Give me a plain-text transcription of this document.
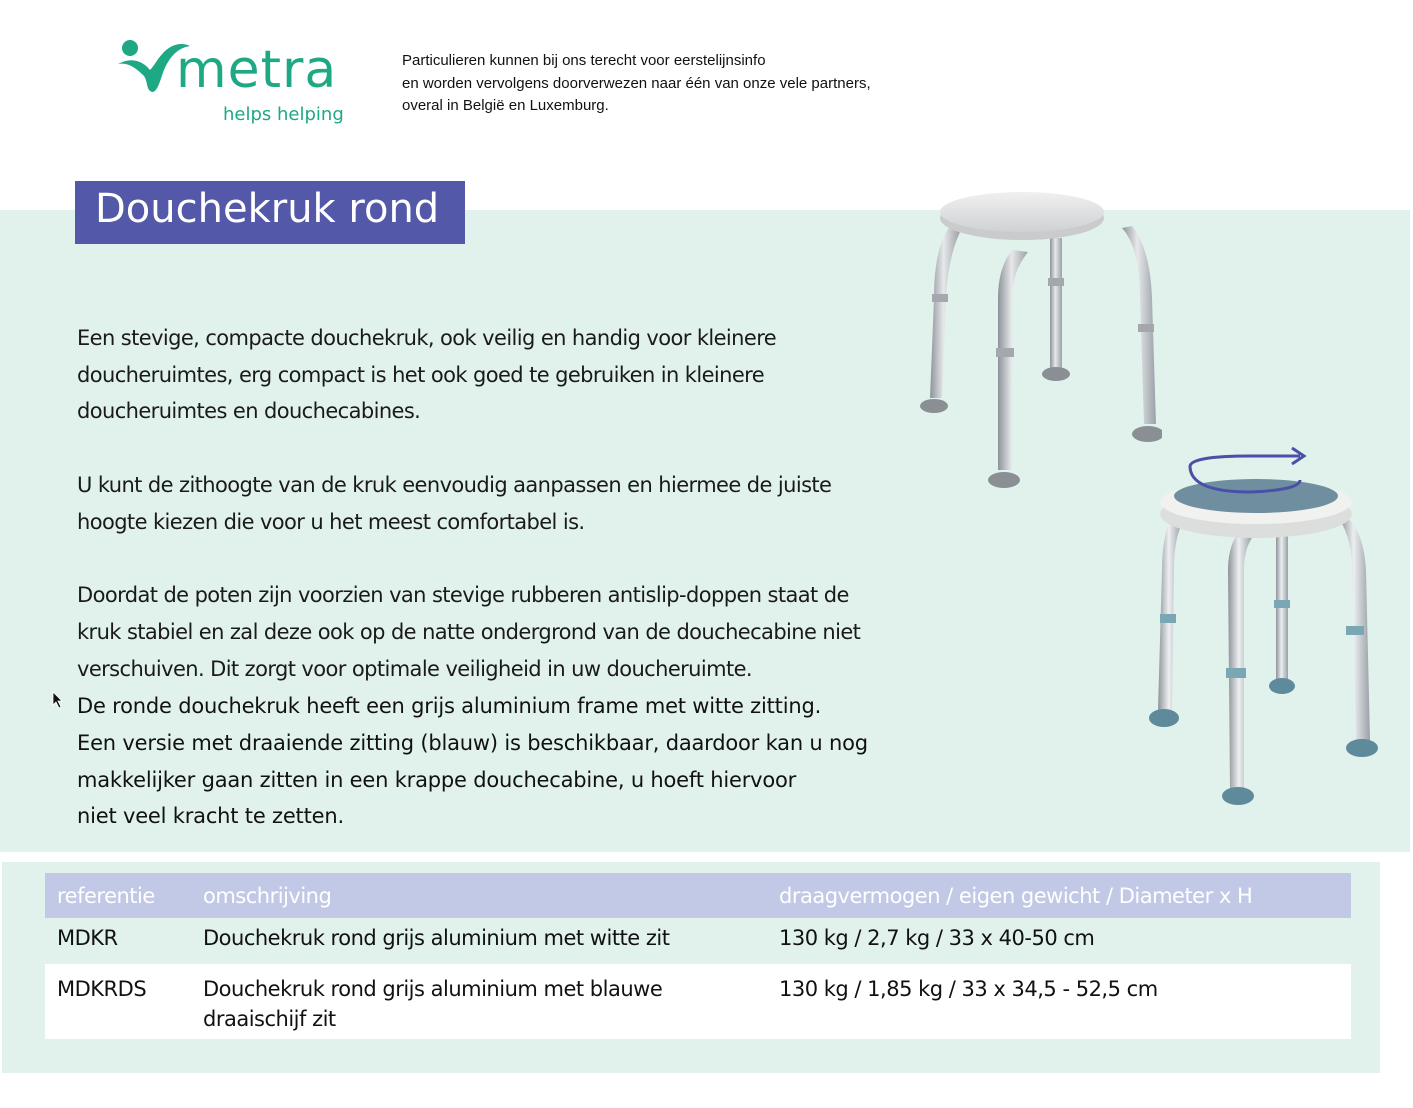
metra
helps helping
Particulieren kunnen bij ons terecht voor eerstelijnsinfo
en worden vervolgens doorverwezen naar één van onze vele partners,
overal in België en Luxemburg.
Douchekruk rond

Een stevige, compacte douchekruk, ook veilig en handig voor kleinere
doucheruimtes, erg compact is het ook goed te gebruiken in kleinere
doucheruimtes en douchecabines.

U kunt de zithoogte van de kruk eenvoudig aanpassen en hiermee de juiste
hoogte kiezen die voor u het meest comfortabel is.

Doordat de poten zijn voorzien van stevige rubberen antislip-doppen staat de
kruk stabiel en zal deze ook op de natte ondergrond van de douchecabine niet
verschuiven. Dit zorgt voor optimale veiligheid in uw doucheruimte.

De ronde douchekruk heeft een grijs aluminium frame met witte zitting.
Een versie met draaiende zitting (blauw) is beschikbaar, daardoor kan u nog
makkelijker gaan zitten in een krappe douchecabine, u hoeft hiervoor
niet veel kracht te zetten.
referentie	omschrijving	draagvermogen / eigen gewicht / Diameter x H
MDKR	Douchekruk rond grijs aluminium met witte zit	130 kg / 2,7 kg / 33 x 40-50 cm
MDKRDS	Douchekruk rond grijs aluminium met blauwe
draaischijf zit	130 kg / 1,85 kg / 33 x 34,5 - 52,5 cm
